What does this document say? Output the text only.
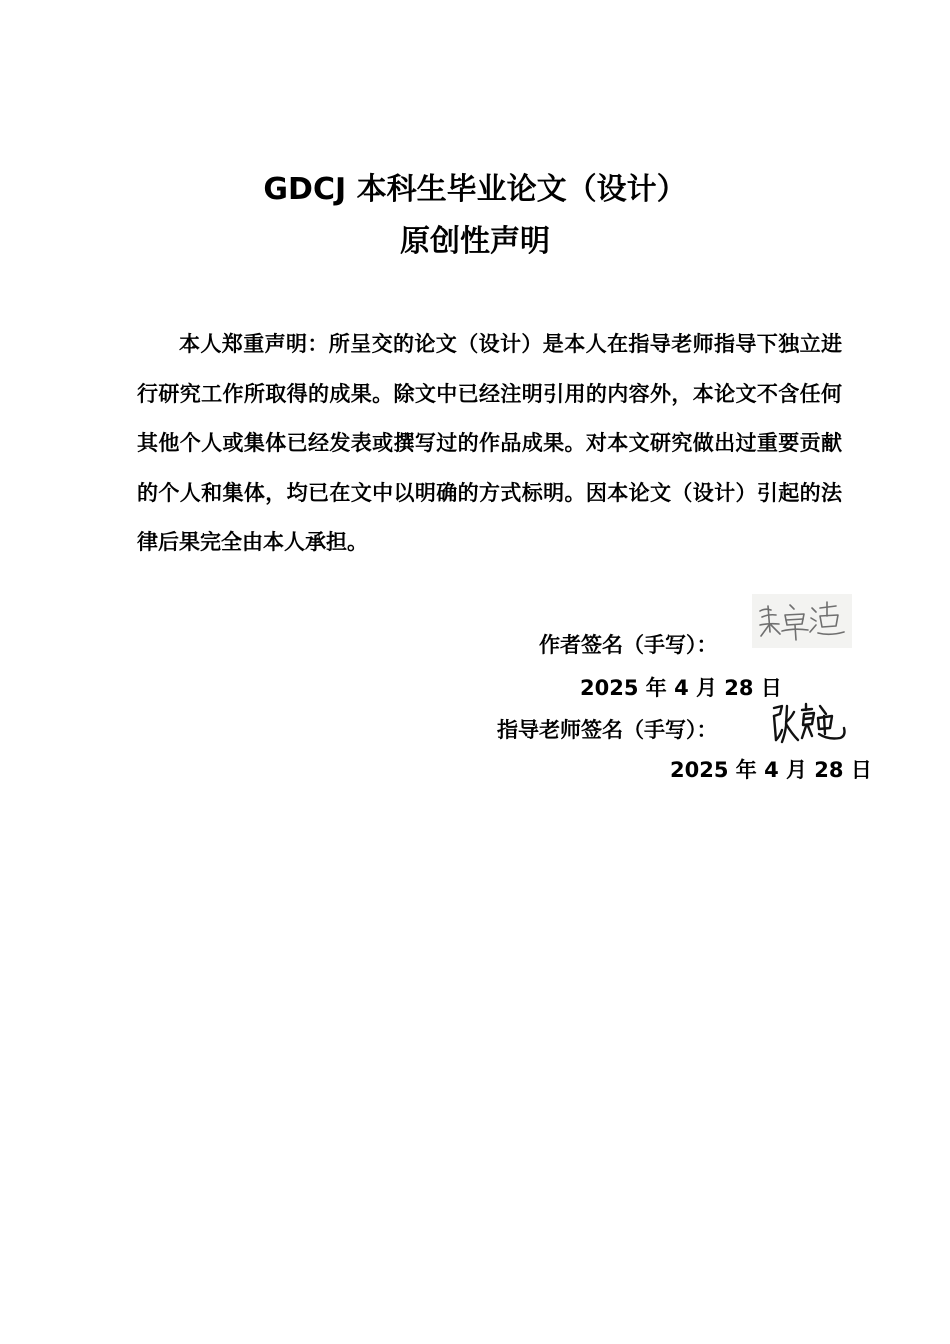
GDCJ 本科生毕业论文（设计）
原创性声明

本人郑重声明：所呈交的论文（设计）是本人在指导老师指导下独立进行研究工作所取得的成果。除文中已经注明引用的内容外，本论文不含任何其他个人或集体已经发表或撰写过的作品成果。对本文研究做出过重要贡献的个人和集体，均已在文中以明确的方式标明。因本论文（设计）引起的法律后果完全由本人承担。

作者签名（手写）：
2025 年 4 月 28 日
张巍
指导老师签名（手写）：
2025 年 4 月 28 日
